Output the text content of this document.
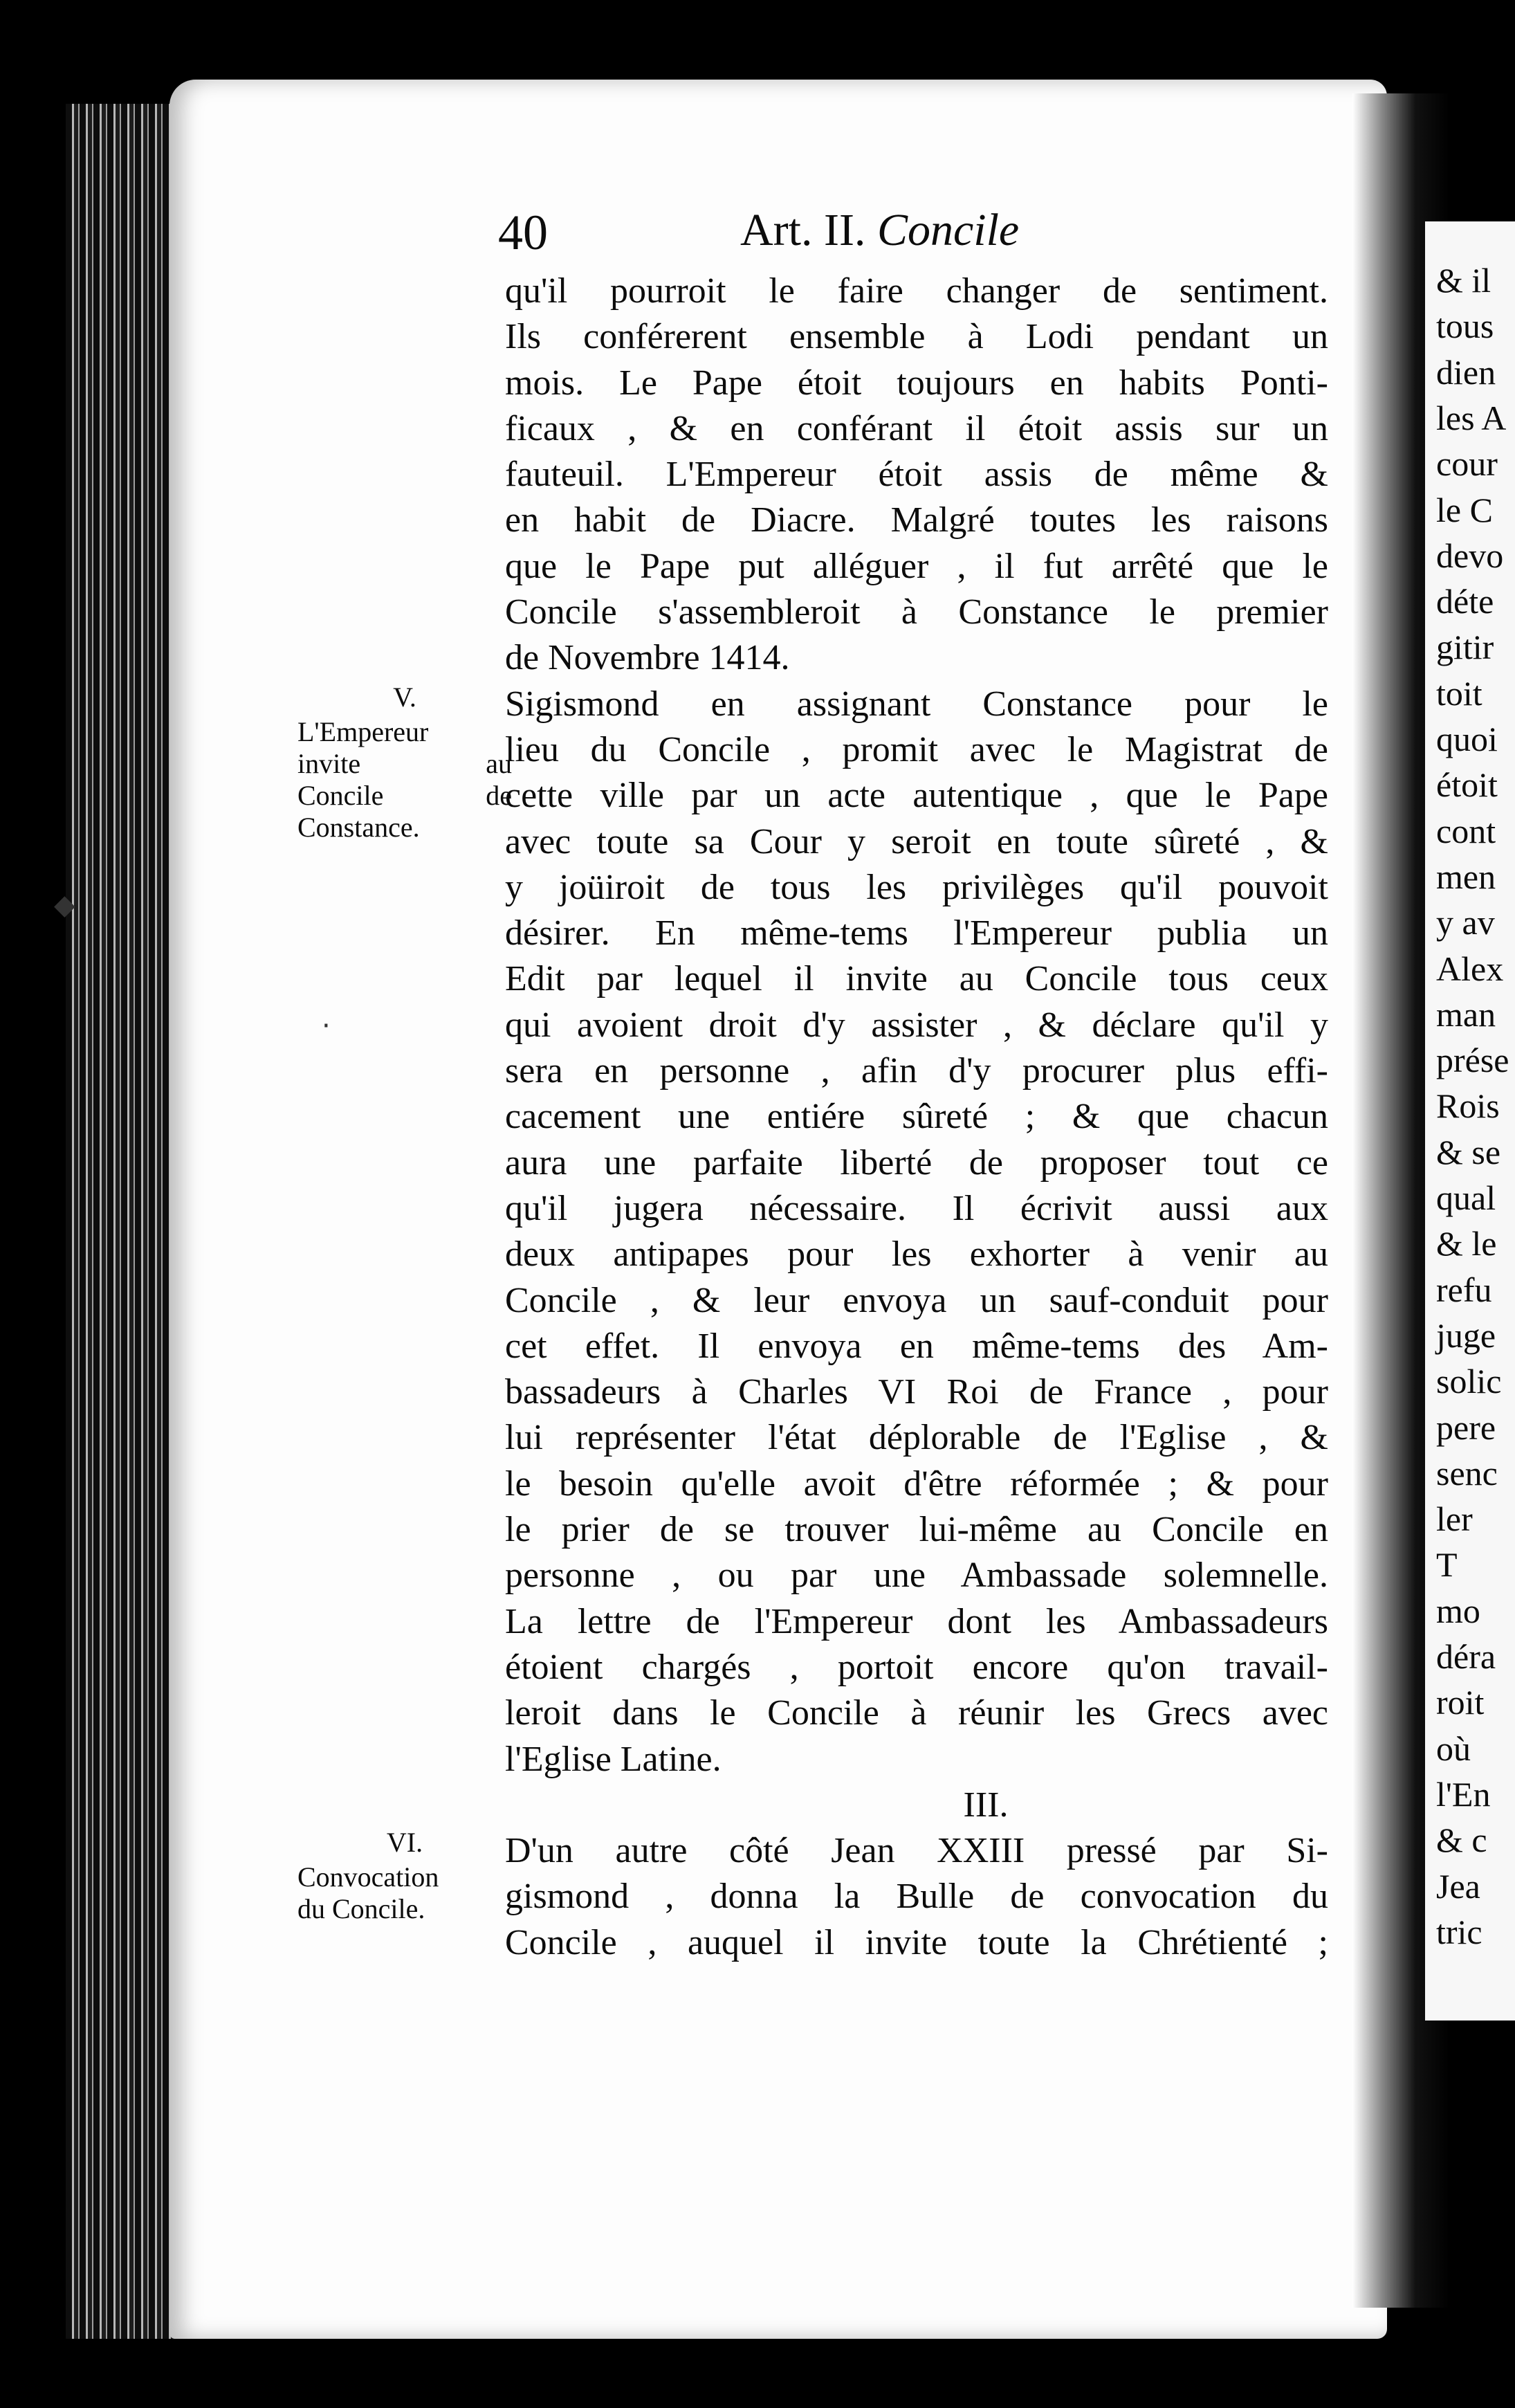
& il
tous
dien
les A
cour
le C
devo
déte
gitir
toit
quoi
étoit
cont
men
y av
Alex
man
prése
Rois
& se
qual
& le
refu
juge
solic
pere
senc
ler
T
mo
déra
roit
où
l'En
& c
Jea
tric
40	Art. II. Concile
qu'il pourroit le faire changer de sentiment.
Ils conférerent ensemble à Lodi pendant un
mois. Le Pape étoit toujours en habits Ponti-
ficaux , & en conférant il étoit assis sur un
fauteuil. L'Empereur étoit assis de même &
en habit de Diacre. Malgré toutes les raisons
que le Pape put alléguer , il fut arrêté que le
Concile s'assembleroit à Constance le premier
de Novembre 1414.
Sigismond en assignant Constance pour le
lieu du Concile , promit avec le Magistrat de
cette ville par un acte autentique , que le Pape
avec toute sa Cour y seroit en toute sûreté , &
y joüiroit de tous les privilèges qu'il pouvoit
désirer. En même-tems l'Empereur publia un
Edit par lequel il invite au Concile tous ceux
qui avoient droit d'y assister , & déclare qu'il y
sera en personne , afin d'y procurer plus effi-
cacement une entiére sûreté ; & que chacun
aura une parfaite liberté de proposer tout ce
qu'il jugera nécessaire. Il écrivit aussi aux
deux antipapes pour les exhorter à venir au
Concile , & leur envoya un sauf-conduit pour
cet effet. Il envoya en même-tems des Am-
bassadeurs à Charles VI Roi de France , pour
lui représenter l'état déplorable de l'Eglise , &
le besoin qu'elle avoit d'être réformée ; & pour
le prier de se trouver lui-même au Concile en
personne , ou par une Ambassade solemnelle.
La lettre de l'Empereur dont les Ambassadeurs
étoient chargés , portoit encore qu'on travail-
leroit dans le Concile à réunir les Grecs avec
l'Eglise Latine.
III.
D'un autre côté Jean XXIII pressé par Si-
gismond , donna la Bulle de convocation du
Concile , auquel il invite toute la Chrétienté ;
V.
L'Empereur
invite au
Concile de
Constance.
VI.
Convocation
du Concile.
◆
·
